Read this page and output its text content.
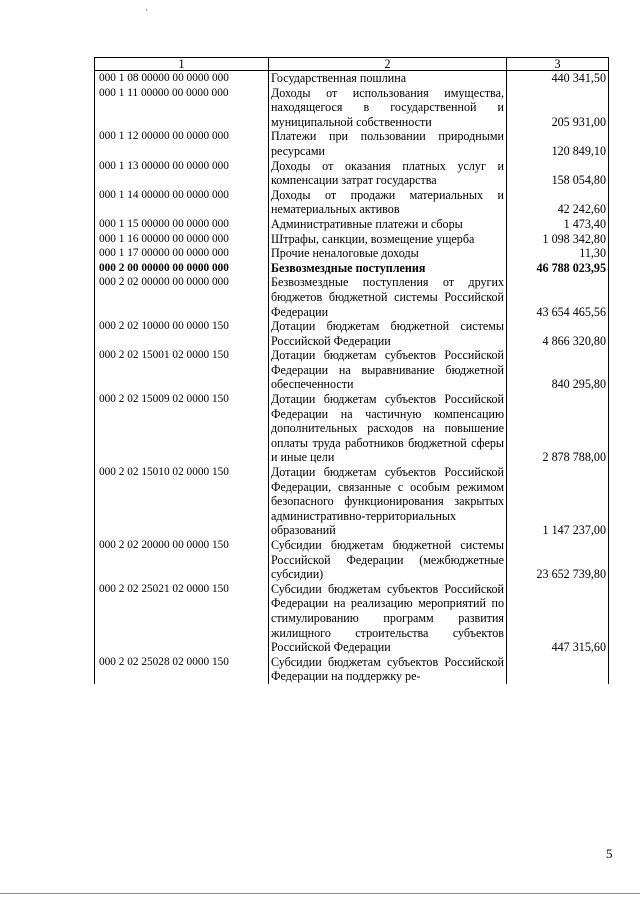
1	2	3
000 1 08 00000 00 0000 000	Государственная пошлина	440 341,50
000 1 11 00000 00 0000 000	Доходы от использования имущества, находящегося в государственной и муниципальной собственности	205 931,00
000 1 12 00000 00 0000 000	Платежи при пользовании природными ресурсами	120 849,10
000 1 13 00000 00 0000 000	Доходы от оказания платных услуг и компенсации затрат государства	158 054,80
000 1 14 00000 00 0000 000	Доходы от продажи материальных и нематериальных активов	42 242,60
000 1 15 00000 00 0000 000	Административные платежи и сборы	1 473,40
000 1 16 00000 00 0000 000	Штрафы, санкции, возмещение ущерба	1 098 342,80
000 1 17 00000 00 0000 000	Прочие неналоговые доходы	11,30
000 2 00 00000 00 0000 000	Безвозмездные поступления	46 788 023,95
000 2 02 00000 00 0000 000	Безвозмездные поступления от других бюджетов бюджетной системы Российской Федерации	43 654 465,56
000 2 02 10000 00 0000 150	Дотации бюджетам бюджетной системы Российской Федерации	4 866 320,80
000 2 02 15001 02 0000 150	Дотации бюджетам субъектов Российской Федерации на выравнивание бюджетной обеспеченности	840 295,80
000 2 02 15009 02 0000 150	Дотации бюджетам субъектов Российской Федерации на частичную компенсацию дополнительных расходов на повышение оплаты труда работников бюджетной сферы и иные цели	2 878 788,00
000 2 02 15010 02 0000 150	Дотации бюджетам субъектов Российской Федерации, связанные с особым режимом безопасного функционирования закрытых административно-территориальных образований	1 147 237,00
000 2 02 20000 00 0000 150	Субсидии бюджетам бюджетной системы Российской Федерации (межбюджетные субсидии)	23 652 739,80
000 2 02 25021 02 0000 150	Субсидии бюджетам субъектов Российской Федерации на реализацию мероприятий по стимулированию программ развития жилищного строительства субъектов Российской Федерации	447 315,60
000 2 02 25028 02 0000 150	Субсидии бюджетам субъектов Российской Федерации на поддержку ре-	
5
